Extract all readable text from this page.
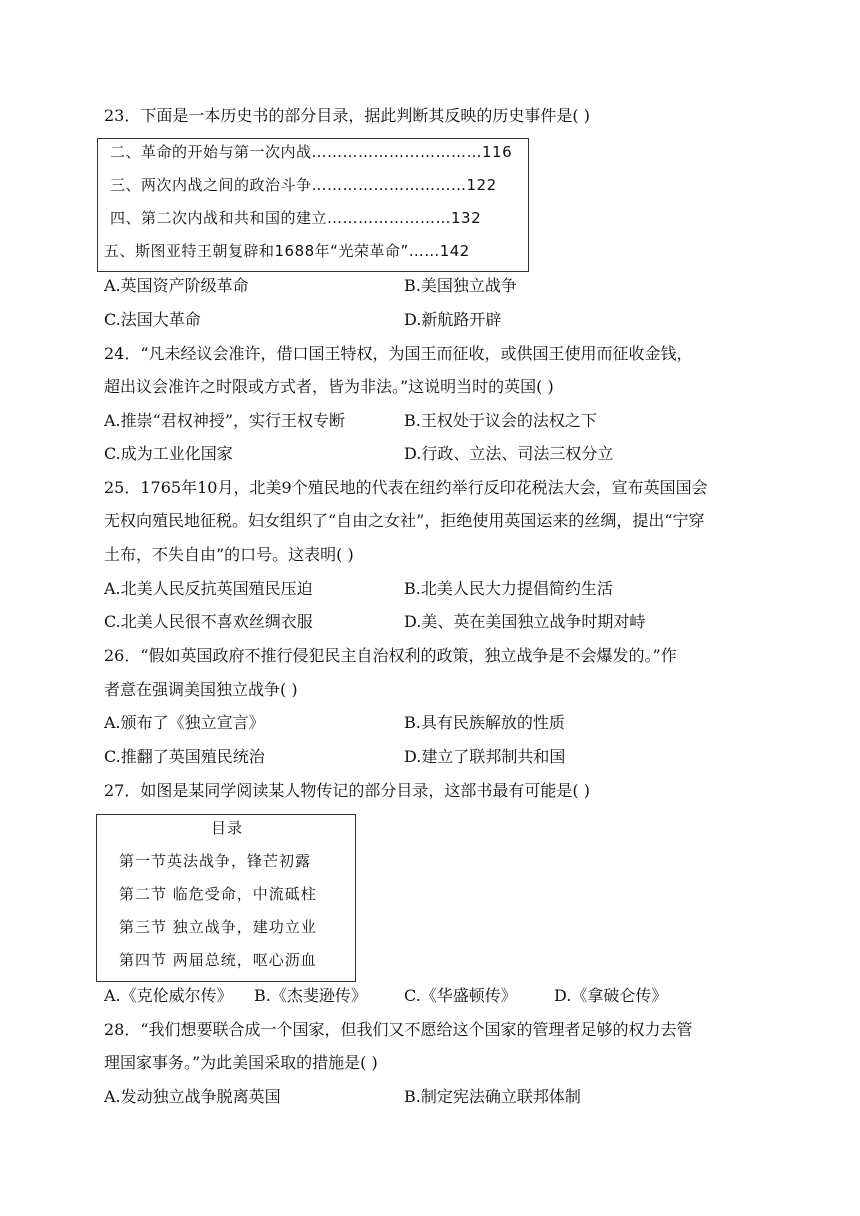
23．下面是一本历史书的部分目录，据此判断其反映的历史事件是( )
二、革命的开始与第一次内战……………………………116
三、两次内战之间的政治斗争…………………………122
四、第二次内战和共和国的建立……………………132
五、斯图亚特王朝复辟和1688年“光荣革命”……142
A.英国资产阶级革命	B.美国独立战争
C.法国大革命	D.新航路开辟
24．“凡未经议会准许，借口国王特权，为国王而征收，或供国王使用而征收金钱，
超出议会准许之时限或方式者，皆为非法。”这说明当时的英国( )
A.推崇“君权神授”，实行王权专断	B.王权处于议会的法权之下
C.成为工业化国家	D.行政、立法、司法三权分立
25．1765年10月，北美9个殖民地的代表在纽约举行反印花税法大会，宣布英国国会
无权向殖民地征税。妇女组织了“自由之女社”，拒绝使用英国运来的丝绸，提出“宁穿
土布，不失自由”的口号。这表明( )
A.北美人民反抗英国殖民压迫	B.北美人民大力提倡简约生活
C.北美人民很不喜欢丝绸衣服	D.美、英在美国独立战争时期对峙
26．“假如英国政府不推行侵犯民主自治权利的政策，独立战争是不会爆发的。”作
者意在强调美国独立战争( )
A.颁布了《独立宣言》	B.具有民族解放的性质
C.推翻了英国殖民统治	D.建立了联邦制共和国
27．如图是某同学阅读某人物传记的部分目录，这部书最有可能是( )
目录
第一节英法战争，锋芒初露
第二节 临危受命，中流砥柱
第三节 独立战争，建功立业
第四节 两届总统，呕心沥血
A.《克伦威尔传》 B.《杰斐逊传》 C.《华盛顿传》 D.《拿破仑传》
28．“我们想要联合成一个国家，但我们又不愿给这个国家的管理者足够的权力去管
理国家事务。”为此美国采取的措施是( )
A.发动独立战争脱离英国	B.制定宪法确立联邦体制
